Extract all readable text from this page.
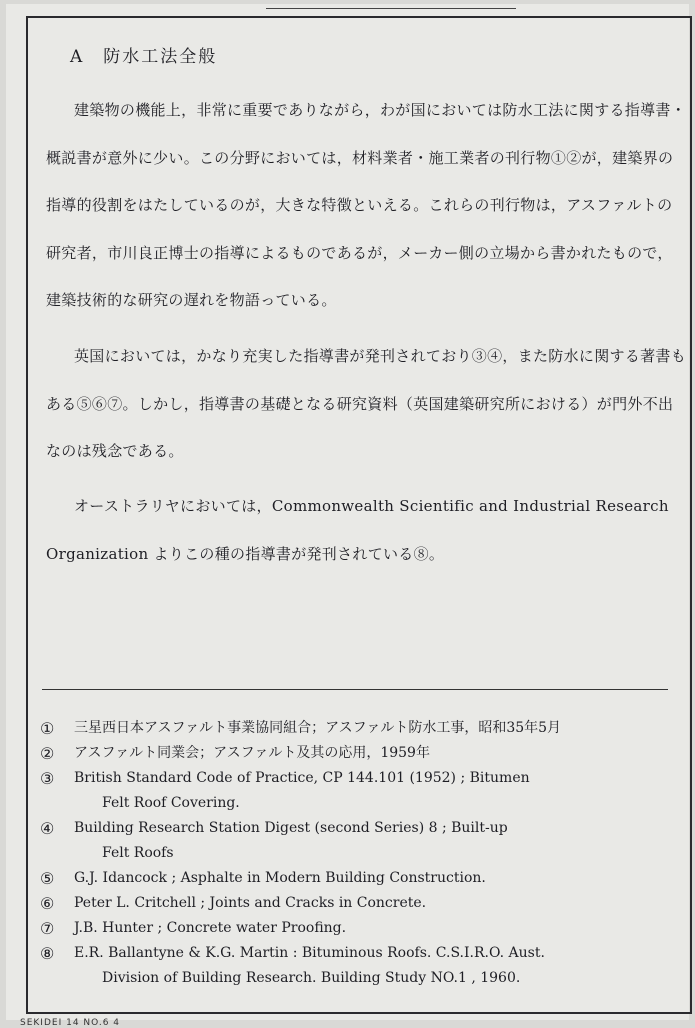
A　防水工法全般

建築物の機能上，非常に重要でありながら，わが国においては防水工法に関する指導書・概説書が意外に少い。この分野においては，材料業者・施工業者の刊行物①②が，建築界の指導的役割をはたしているのが，大きな特徴といえる。これらの刊行物は，アスファルトの研究者，市川良正博士の指導によるものであるが，メーカー側の立場から書かれたもので，建築技術的な研究の遅れを物語っている。

英国においては，かなり充実した指導書が発刊されており③④，また防水に関する著書もある⑤⑥⑦。しかし，指導書の基礎となる研究資料（英国建築研究所における）が門外不出なのは残念である。

オーストラリヤにおいては，Commonwealth Scientific and Industrial Research Organization よりこの種の指導書が発刊されている⑧。

①	三星西日本アスファルト事業協同組合；アスファルト防水工事，昭和35年5月
②	アスファルト同業会；アスファルト及其の応用，1959年
③	British Standard Code of Practice, CP 144.101 (1952) ; Bitumen
　　Felt Roof Covering.
④	Building Research Station Digest (second Series) 8 ; Built-up
　　Felt Roofs
⑤	G.J. Idancock ; Asphalte in Modern Building Construction.
⑥	Peter L. Critchell ; Joints and Cracks in Concrete.
⑦	J.B. Hunter ; Concrete water Proofing.
⑧	E.R. Ballantyne & K.G. Martin : Bituminous Roofs. C.S.I.R.O. Aust.
　　Division of Building Research. Building Study NO.1 , 1960.
SEKIDEI 14 NO.6 4
